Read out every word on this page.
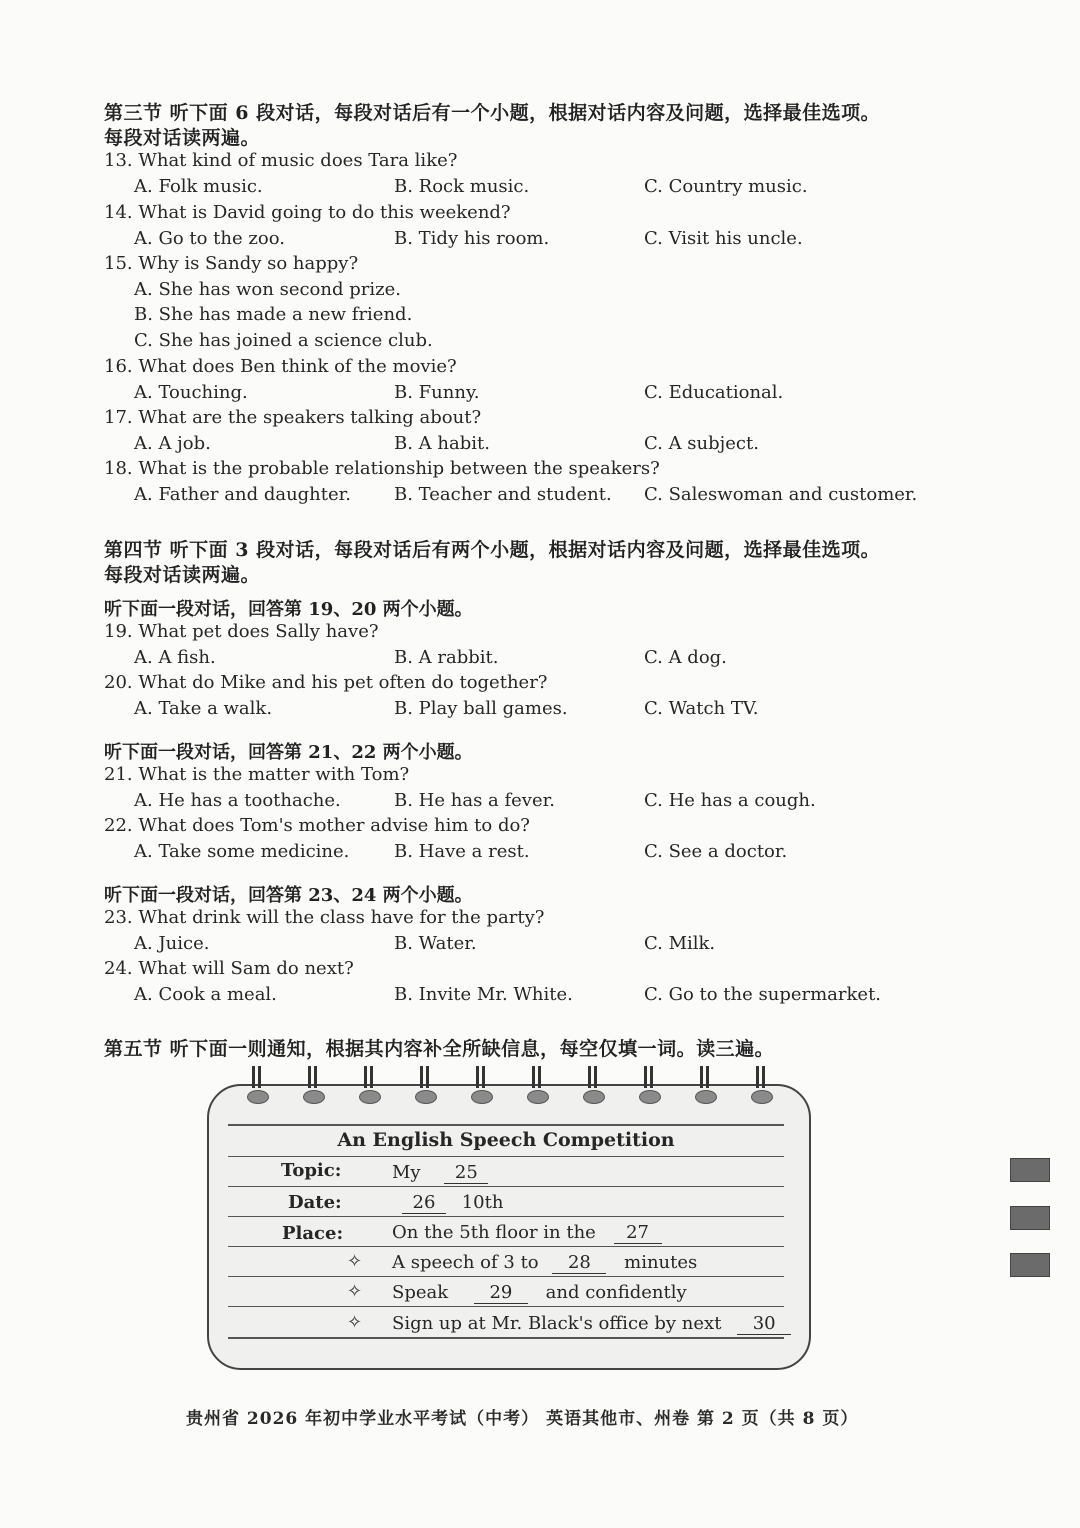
第三节 听下面 6 段对话，每段对话后有一个小题，根据对话内容及问题，选择最佳选项。
每段对话读两遍。
13. What kind of music does Tara like?
A. Folk music.	B. Rock music.	C. Country music.
14. What is David going to do this weekend?
A. Go to the zoo.	B. Tidy his room.	C. Visit his uncle.
15. Why is Sandy so happy?
A. She has won second prize.
B. She has made a new friend.
C. She has joined a science club.
16. What does Ben think of the movie?
A. Touching.	B. Funny.	C. Educational.
17. What are the speakers talking about?
A. A job.	B. A habit.	C. A subject.
18. What is the probable relationship between the speakers?
A. Father and daughter. B. Teacher and student. C. Saleswoman and customer.
第四节 听下面 3 段对话，每段对话后有两个小题，根据对话内容及问题，选择最佳选项。
每段对话读两遍。
听下面一段对话，回答第 19、20 两个小题。
19. What pet does Sally have?
A. A fish.	B. A rabbit.	C. A dog.
20. What do Mike and his pet often do together?
A. Take a walk.	B. Play ball games.	C. Watch TV.
听下面一段对话，回答第 21、22 两个小题。
21. What is the matter with Tom?
A. He has a toothache.	B. He has a fever.	C. He has a cough.
22. What does Tom's mother advise him to do?
A. Take some medicine. B. Have a rest.	C. See a doctor.
听下面一段对话，回答第 23、24 两个小题。
23. What drink will the class have for the party?
A. Juice.	B. Water.	C. Milk.
24. What will Sam do next?
A. Cook a meal.	B. Invite Mr. White.	C. Go to the supermarket.
第五节 听下面一则通知，根据其内容补全所缺信息，每空仅填一词。读三遍。
An English Speech Competition
Topic:	My 25
Date:	26 10th
Place:	On the 5th floor in the 27
✧ A speech of 3 to 28 minutes
✧ Speak 29 and confidently
✧ Sign up at Mr. Black's office by next 30
贵州省 2026 年初中学业水平考试（中考） 英语其他市、州卷 第 2 页（共 8 页）
